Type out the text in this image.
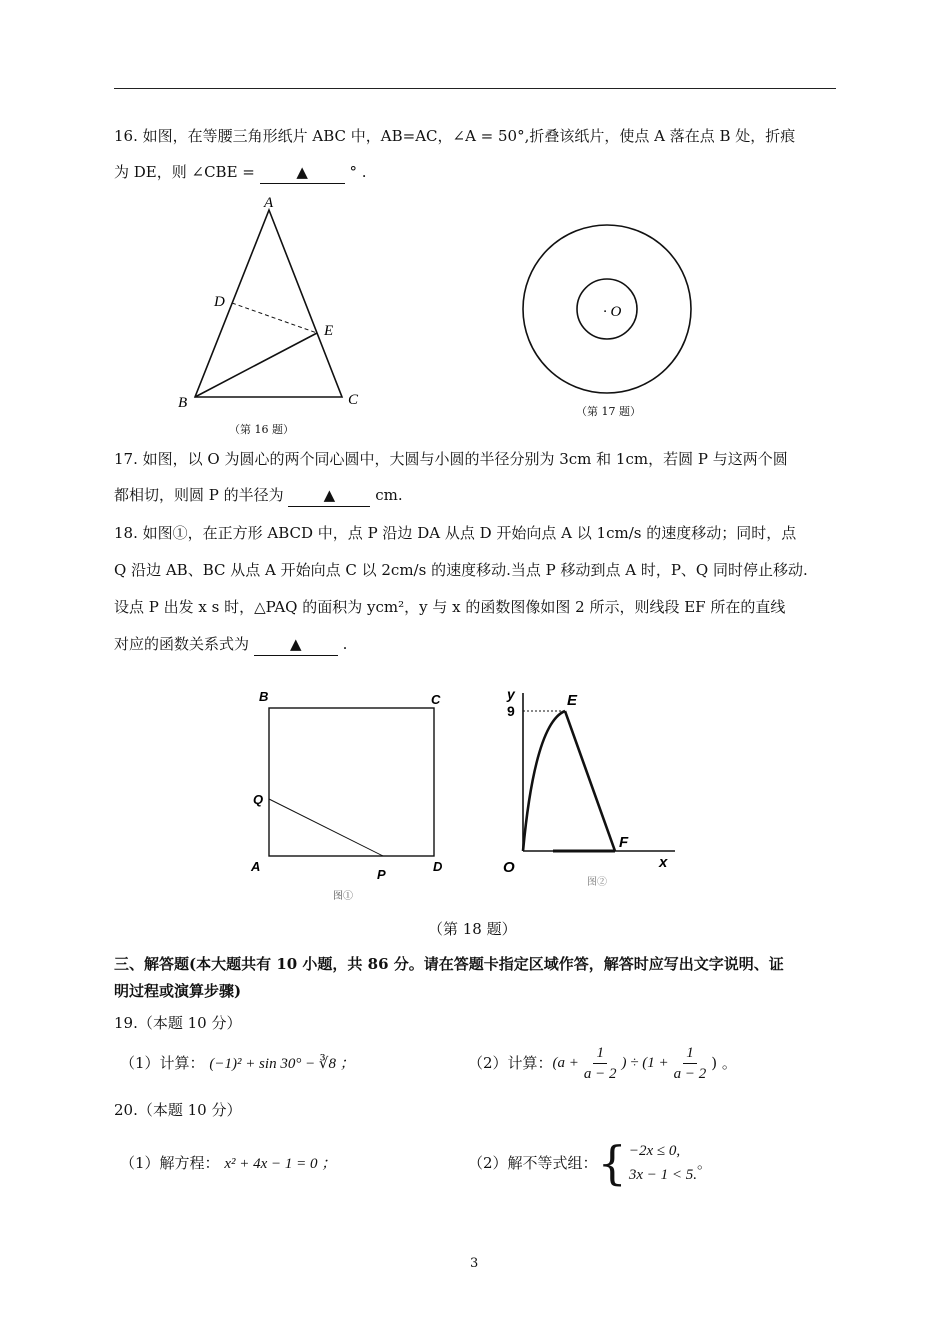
16. 如图，在等腰三角形纸片 ABC 中，AB=AC，∠A = 50°,折叠该纸片，使点 A 落在点 B 处，折痕
为 DE，则 ∠CBE =	▲	° .
A
D
E
B	C
（第 16 题）
· O
（第 17 题）
17. 如图，以 O 为圆心的两个同心圆中，大圆与小圆的半径分别为 3cm 和 1cm，若圆 P 与这两个圆
都相切，则圆 P 的半径为	▲	cm.
18. 如图①，在正方形 ABCD 中，点 P 沿边 DA 从点 D 开始向点 A 以 1cm/s 的速度移动；同时，点
Q 沿边 AB、BC 从点 A 开始向点 C 以 2cm/s 的速度移动.当点 P 移动到点 A 时，P、Q 同时停止移动.
设点 P 出发 x s 时，△PAQ 的面积为 ycm²，y 与 x 的函数图像如图 2 所示，则线段 EF 所在的直线
对应的函数关系式为	▲	.
B	C
Q
A
P
D
图①
y	E
9
F
O	x
图②
（第 18 题）
三、解答题(本大题共有 10 小题，共 86 分。请在答题卡指定区域作答，解答时应写出文字说明、证
明过程或演算步骤)
19.（本题 10 分）
（1）计算： (−1)² + sin 30° − ∛8 ；	（2）计算： ($a + \frac{1}{a - 2}$ ) ÷ ($1 + \frac{1}{a - 2}$ ) 。
20.（本题 10 分）
（1）解方程： x² + 4x − 1 = 0 ；	（2）解不等式组： { −2x ≤ 0,
3x − 1 < 5.
。
3
